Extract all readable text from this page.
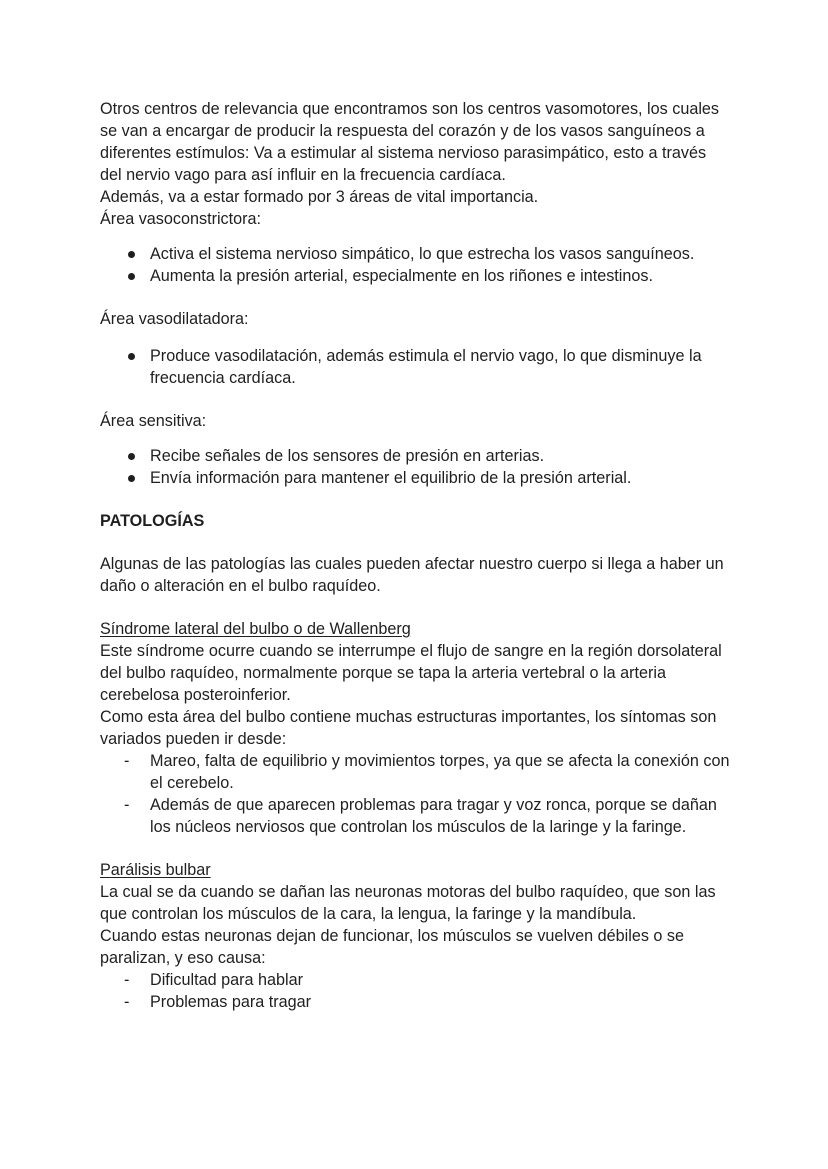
Otros centros de relevancia que encontramos son los centros vasomotores, los cuales se van a encargar de producir la respuesta del corazón y de los vasos sanguíneos a diferentes estímulos: Va a estimular al sistema nervioso parasimpático, esto a través del nervio vago para así influir en la frecuencia cardíaca.

Además, va a estar formado por 3 áreas de vital importancia.

Área vasoconstrictora:

Activa el sistema nervioso simpático, lo que estrecha los vasos sanguíneos.
Aumenta la presión arterial, especialmente en los riñones e intestinos.

Área vasodilatadora:

Produce vasodilatación, además estimula el nervio vago, lo que disminuye la frecuencia cardíaca.

Área sensitiva:

Recibe señales de los sensores de presión en arterias.
Envía información para mantener el equilibrio de la presión arterial.

PATOLOGÍAS

Algunas de las patologías las cuales pueden afectar nuestro cuerpo si llega a haber un daño o alteración en el bulbo raquídeo.

Síndrome lateral del bulbo o de Wallenberg

Este síndrome ocurre cuando se interrumpe el flujo de sangre en la región dorsolateral del bulbo raquídeo, normalmente porque se tapa la arteria vertebral o la arteria cerebelosa posteroinferior.

Como esta área del bulbo contiene muchas estructuras importantes, los síntomas son variados pueden ir desde:

- Mareo, falta de equilibrio y movimientos torpes, ya que se afecta la conexión con el cerebelo.
- Además de que aparecen problemas para tragar y voz ronca, porque se dañan los núcleos nerviosos que controlan los músculos de la laringe y la faringe.

Parálisis bulbar

La cual se da cuando se dañan las neuronas motoras del bulbo raquídeo, que son las que controlan los músculos de la cara, la lengua, la faringe y la mandíbula.

Cuando estas neuronas dejan de funcionar, los músculos se vuelven débiles o se paralizan, y eso causa:

- Dificultad para hablar
- Problemas para tragar
